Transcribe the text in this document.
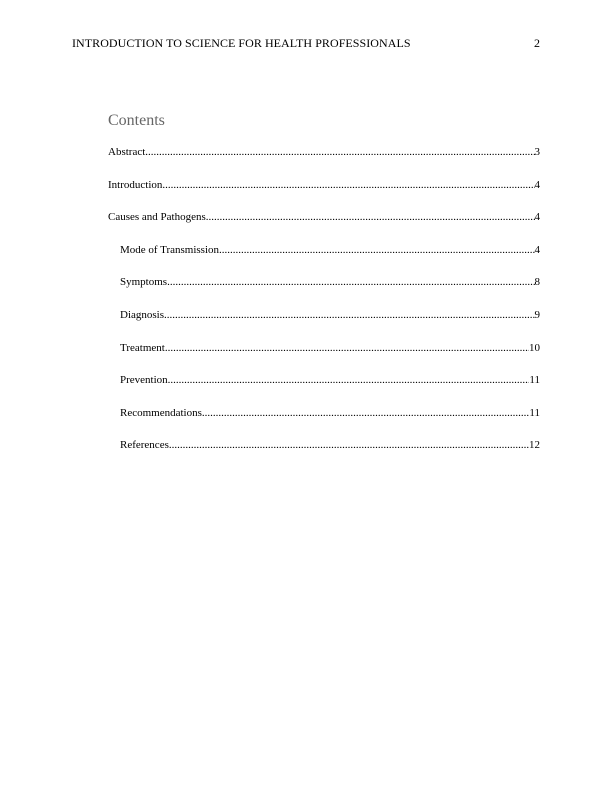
INTRODUCTION TO SCIENCE FOR HEALTH PROFESSIONALS	2
Contents
Abstract .....	3
Introduction .....	4
Causes and Pathogens .....	4
Mode of Transmission .....	4
Symptoms .....	8
Diagnosis .....	9
Treatment .....	10
Prevention .....	11
Recommendations .....	11
References .....	12
